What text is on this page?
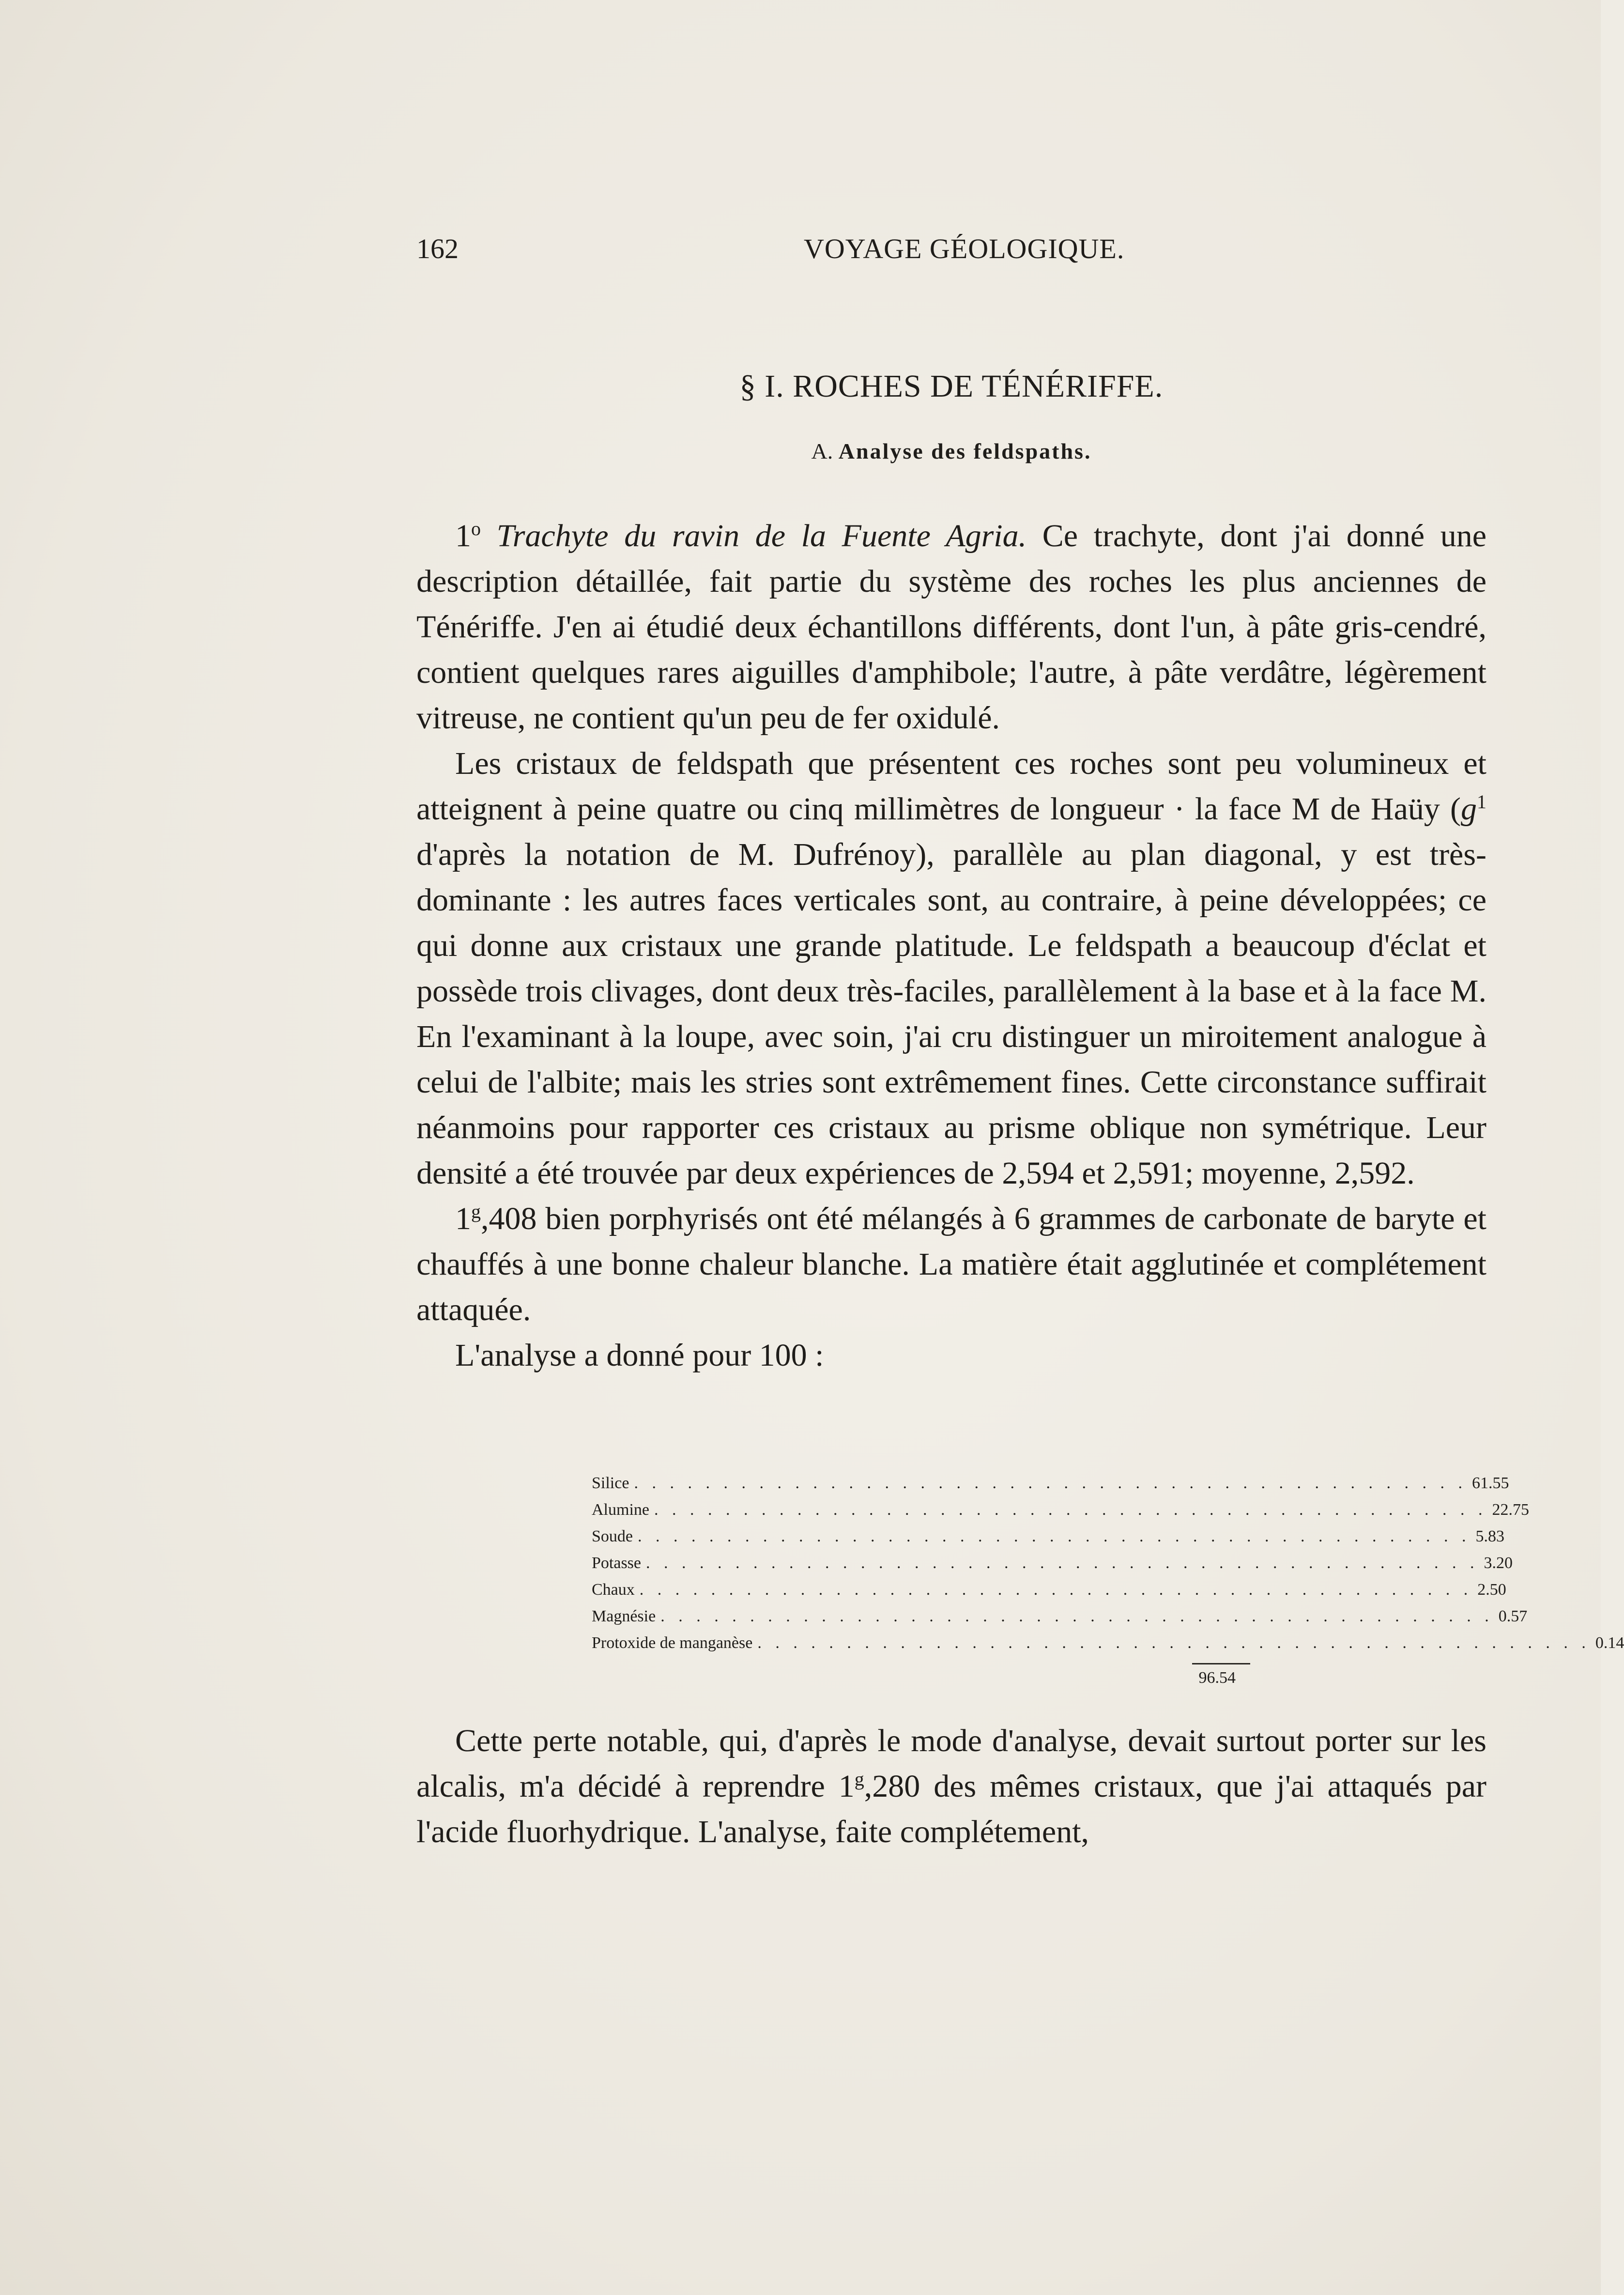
162	VOYAGE GÉOLOGIQUE.
§ I. ROCHES DE TÉNÉRIFFE.
A. Analyse des feldspaths.

1$^o$ Trachyte du ravin de la Fuente Agria. Ce trachyte, dont j'ai donné une description détaillée, fait partie du système des roches les plus anciennes de Ténériffe. J'en ai étudié deux échantillons différents, dont l'un, à pâte gris-cendré, contient quelques rares aiguilles d'amphibole; l'autre, à pâte verdâtre, légèrement vitreuse, ne contient qu'un peu de fer oxidulé.

Les cristaux de feldspath que présentent ces roches sont peu volumineux et atteignent à peine quatre ou cinq millimètres de longueur · la face M de Haüy ($g^1$ d'après la notation de M. Dufrénoy), parallèle au plan diagonal, y est très-dominante : les autres faces verticales sont, au contraire, à peine développées; ce qui donne aux cristaux une grande platitude. Le feldspath a beaucoup d'éclat et possède trois clivages, dont deux très-faciles, parallèlement à la base et à la face M. En l'examinant à la loupe, avec soin, j'ai cru distinguer un miroitement analogue à celui de l'albite; mais les stries sont extrêmement fines. Cette circonstance suffirait néanmoins pour rapporter ces cristaux au prisme oblique non symétrique. Leur densité a été trouvée par deux expériences de 2,594 et 2,591; moyenne, 2,592.

1$^g$,408 bien porphyrisés ont été mélangés à 6 grammes de carbonate de baryte et chauffés à une bonne chaleur blanche. La matière était agglutinée et complétement attaquée.

L'analyse a donné pour 100 :

Silice . . . . . . . . . . . . . . . . . . . . . . . . . . . . . . . . . . . . . . . . . . . . . . . 61.55
Alumine . . . . . . . . . . . . . . . . . . . . . . . . . . . . . . . . . . . . . . . . . . . . . . . 22.75
Soude . . . . . . . . . . . . . . . . . . . . . . . . . . . . . . . . . . . . . . . . . . . . . . . 5.83
Potasse . . . . . . . . . . . . . . . . . . . . . . . . . . . . . . . . . . . . . . . . . . . . . . . 3.20
Chaux . . . . . . . . . . . . . . . . . . . . . . . . . . . . . . . . . . . . . . . . . . . . . . . 2.50
Magnésie . . . . . . . . . . . . . . . . . . . . . . . . . . . . . . . . . . . . . . . . . . . . . . . 0.57
Protoxide de manganèse . . . . . . . . . . . . . . . . . . . . . . . . . . . . . . . . . . . . . . . . . . . . . . . 0.14
96.54

Cette perte notable, qui, d'après le mode d'analyse, devait surtout porter sur les alcalis, m'a décidé à reprendre 1$^g$,280 des mêmes cristaux, que j'ai attaqués par l'acide fluorhydrique. L'analyse, faite complétement,
